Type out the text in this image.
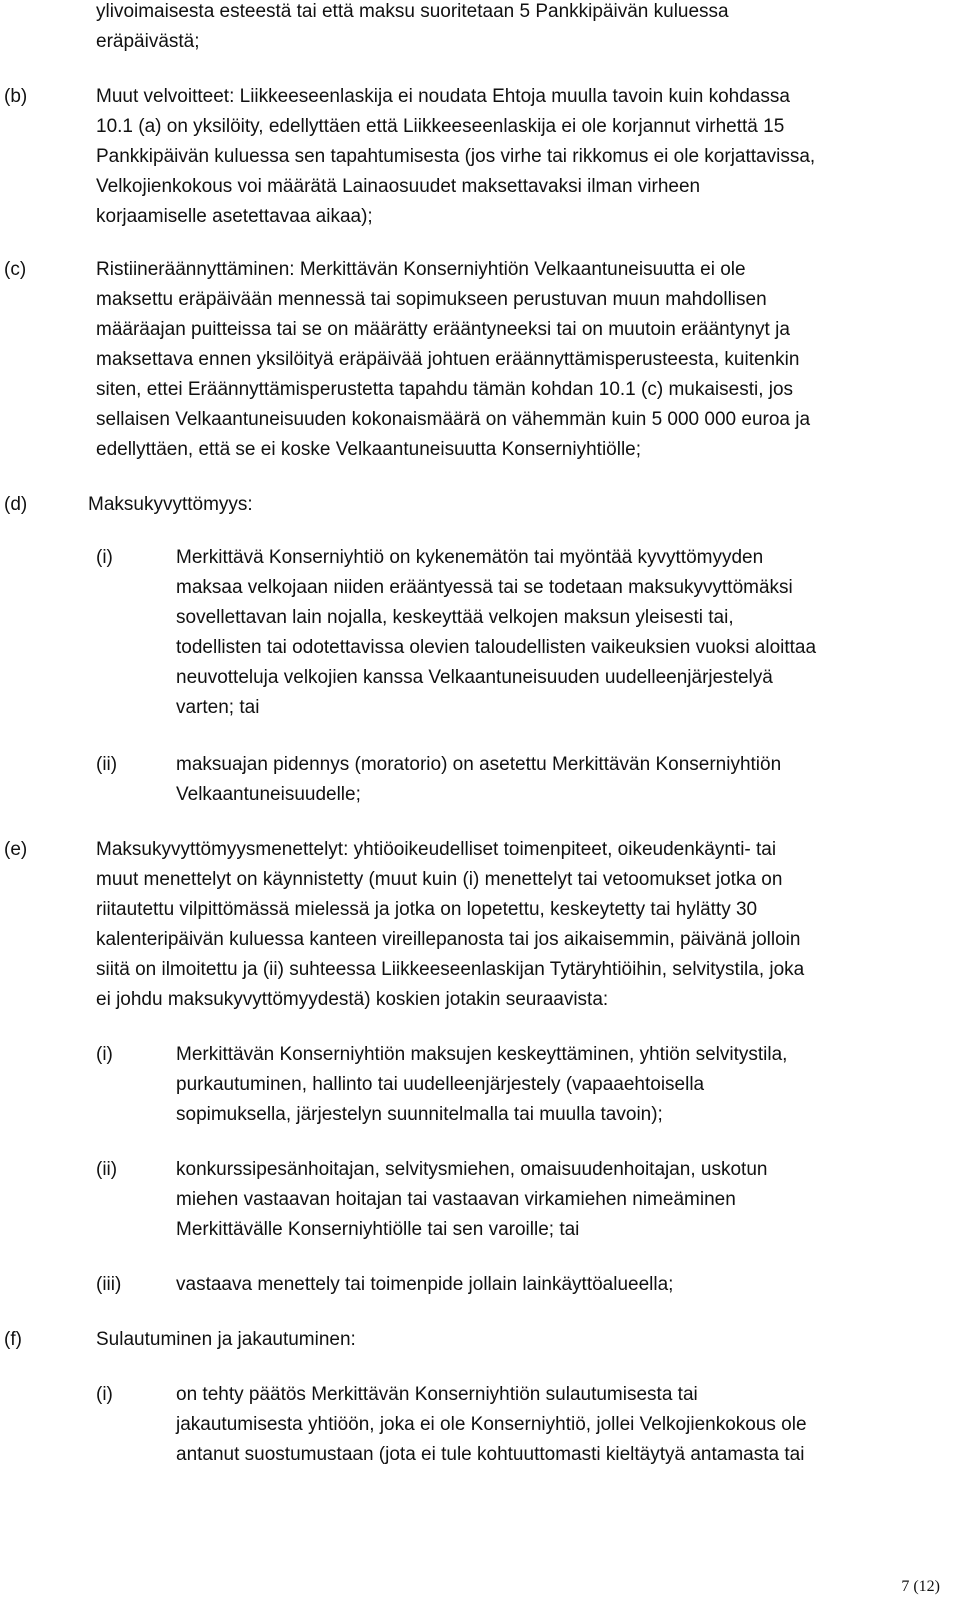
ylivoimaisesta esteestä tai että maksu suoritetaan 5 Pankkipäivän kuluessa
eräpäivästä;
(b)	Muut velvoitteet: Liikkeeseenlaskija ei noudata Ehtoja muulla tavoin kuin kohdassa
10.1 (a) on yksilöity, edellyttäen että Liikkeeseenlaskija ei ole korjannut virhettä 15
Pankkipäivän kuluessa sen tapahtumisesta (jos virhe tai rikkomus ei ole korjattavissa,
Velkojienkokous voi määrätä Lainaosuudet maksettavaksi ilman virheen
korjaamiselle asetettavaa aikaa);
(c)	Ristiineräännyttäminen: Merkittävän Konserniyhtiön Velkaantuneisuutta ei ole
maksettu eräpäivään mennessä tai sopimukseen perustuvan muun mahdollisen
määräajan puitteissa tai se on määrätty erääntyneeksi tai on muutoin erääntynyt ja
maksettava ennen yksilöityä eräpäivää johtuen eräännyttämisperusteesta, kuitenkin
siten, ettei Eräännyttämisperustetta tapahdu tämän kohdan 10.1 (c) mukaisesti, jos
sellaisen Velkaantuneisuuden kokonaismäärä on vähemmän kuin 5 000 000 euroa ja
edellyttäen, että se ei koske Velkaantuneisuutta Konserniyhtiölle;
(d)	Maksukyvyttömyys:
(i)	Merkittävä Konserniyhtiö on kykenemätön tai myöntää kyvyttömyyden
maksaa velkojaan niiden erääntyessä tai se todetaan maksukyvyttömäksi
sovellettavan lain nojalla, keskeyttää velkojen maksun yleisesti tai,
todellisten tai odotettavissa olevien taloudellisten vaikeuksien vuoksi aloittaa
neuvotteluja velkojien kanssa Velkaantuneisuuden uudelleenjärjestelyä
varten; tai
(ii)	maksuajan pidennys (moratorio) on asetettu Merkittävän Konserniyhtiön
Velkaantuneisuudelle;
(e)	Maksukyvyttömyysmenettelyt: yhtiöoikeudelliset toimenpiteet, oikeudenkäynti- tai
muut menettelyt on käynnistetty (muut kuin (i) menettelyt tai vetoomukset jotka on
riitautettu vilpittömässä mielessä ja jotka on lopetettu, keskeytetty tai hylätty 30
kalenteripäivän kuluessa kanteen vireillepanosta tai jos aikaisemmin, päivänä jolloin
siitä on ilmoitettu ja (ii) suhteessa Liikkeeseenlaskijan Tytäryhtiöihin, selvitystila, joka
ei johdu maksukyvyttömyydestä) koskien jotakin seuraavista:
(i)	Merkittävän Konserniyhtiön maksujen keskeyttäminen, yhtiön selvitystila,
purkautuminen, hallinto tai uudelleenjärjestely (vapaaehtoisella
sopimuksella, järjestelyn suunnitelmalla tai muulla tavoin);
(ii)	konkurssipesänhoitajan, selvitysmiehen, omaisuudenhoitajan, uskotun
miehen vastaavan hoitajan tai vastaavan virkamiehen nimeäminen
Merkittävälle Konserniyhtiölle tai sen varoille; tai
(iii)	vastaava menettely tai toimenpide jollain lainkäyttöalueella;
(f)	Sulautuminen ja jakautuminen:
(i)	on tehty päätös Merkittävän Konserniyhtiön sulautumisesta tai
jakautumisesta yhtiöön, joka ei ole Konserniyhtiö, jollei Velkojienkokous ole
antanut suostumustaan (jota ei tule kohtuuttomasti kieltäytyä antamasta tai
7 (12)
